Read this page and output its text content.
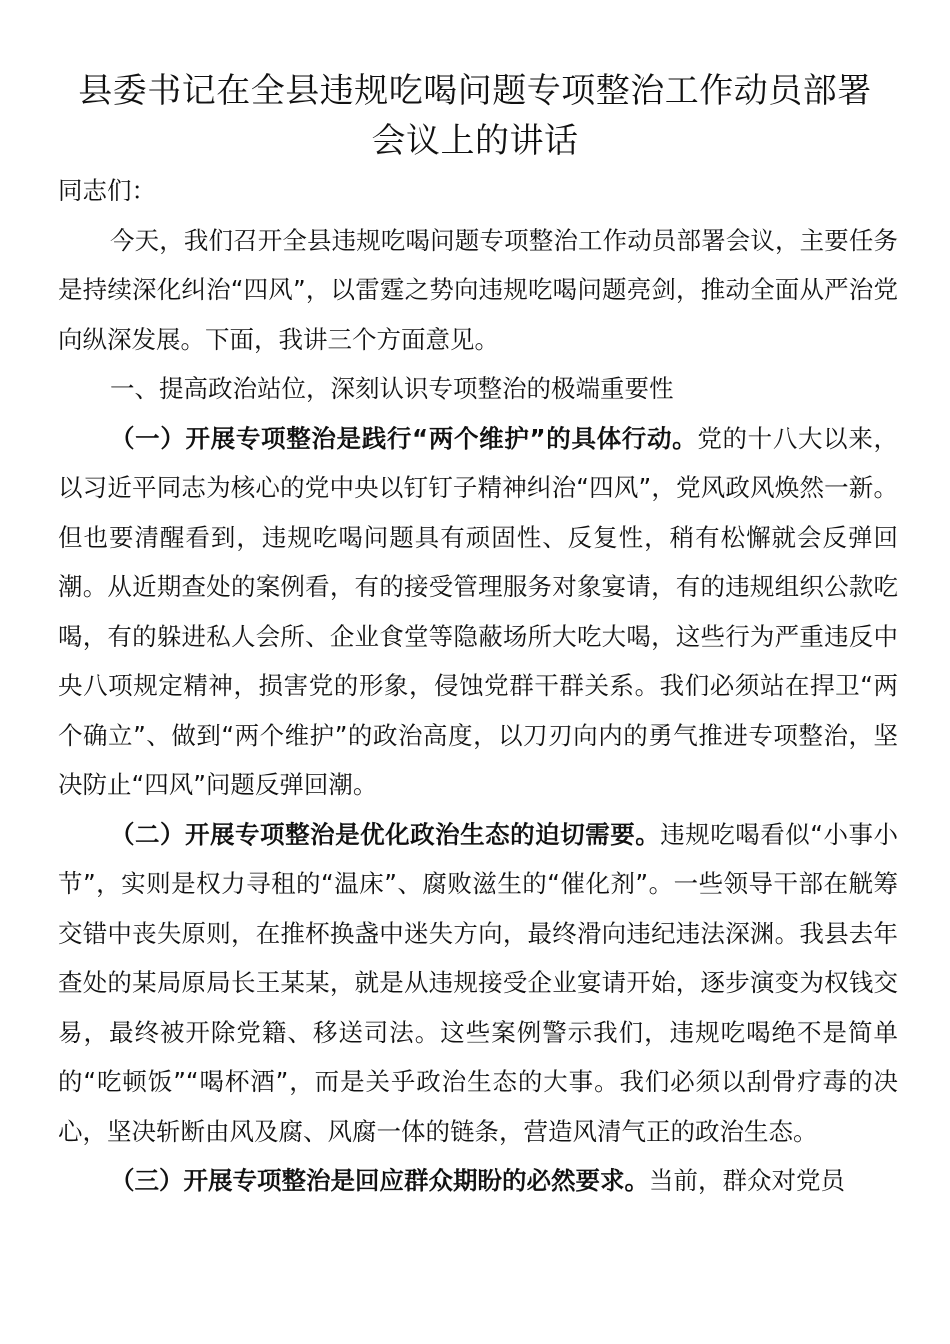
县委书记在全县违规吃喝问题专项整治工作动员部署
会议上的讲话

同志们：

今天，我们召开全县违规吃喝问题专项整治工作动员部署会议，主要任务是持续深化纠治“四风”，以雷霆之势向违规吃喝问题亮剑，推动全面从严治党向纵深发展。下面，我讲三个方面意见。

一、提高政治站位，深刻认识专项整治的极端重要性

（一）开展专项整治是践行“两个维护”的具体行动。党的十八大以来，以习近平同志为核心的党中央以钉钉子精神纠治“四风”，党风政风焕然一新。但也要清醒看到，违规吃喝问题具有顽固性、反复性，稍有松懈就会反弹回潮。从近期查处的案例看，有的接受管理服务对象宴请，有的违规组织公款吃喝，有的躲进私人会所、企业食堂等隐蔽场所大吃大喝，这些行为严重违反中央八项规定精神，损害党的形象，侵蚀党群干群关系。我们必须站在捍卫“两个确立”、做到“两个维护”的政治高度，以刀刃向内的勇气推进专项整治，坚决防止“四风”问题反弹回潮。

（二）开展专项整治是优化政治生态的迫切需要。违规吃喝看似“小事小节”，实则是权力寻租的“温床”、腐败滋生的“催化剂”。一些领导干部在觥筹交错中丧失原则，在推杯换盏中迷失方向，最终滑向违纪违法深渊。我县去年查处的某局原局长王某某，就是从违规接受企业宴请开始，逐步演变为权钱交易，最终被开除党籍、移送司法。这些案例警示我们，违规吃喝绝不是简单的“吃顿饭”“喝杯酒”，而是关乎政治生态的大事。我们必须以刮骨疗毒的决心，坚决斩断由风及腐、风腐一体的链条，营造风清气正的政治生态。

（三）开展专项整治是回应群众期盼的必然要求。当前，群众对党员
